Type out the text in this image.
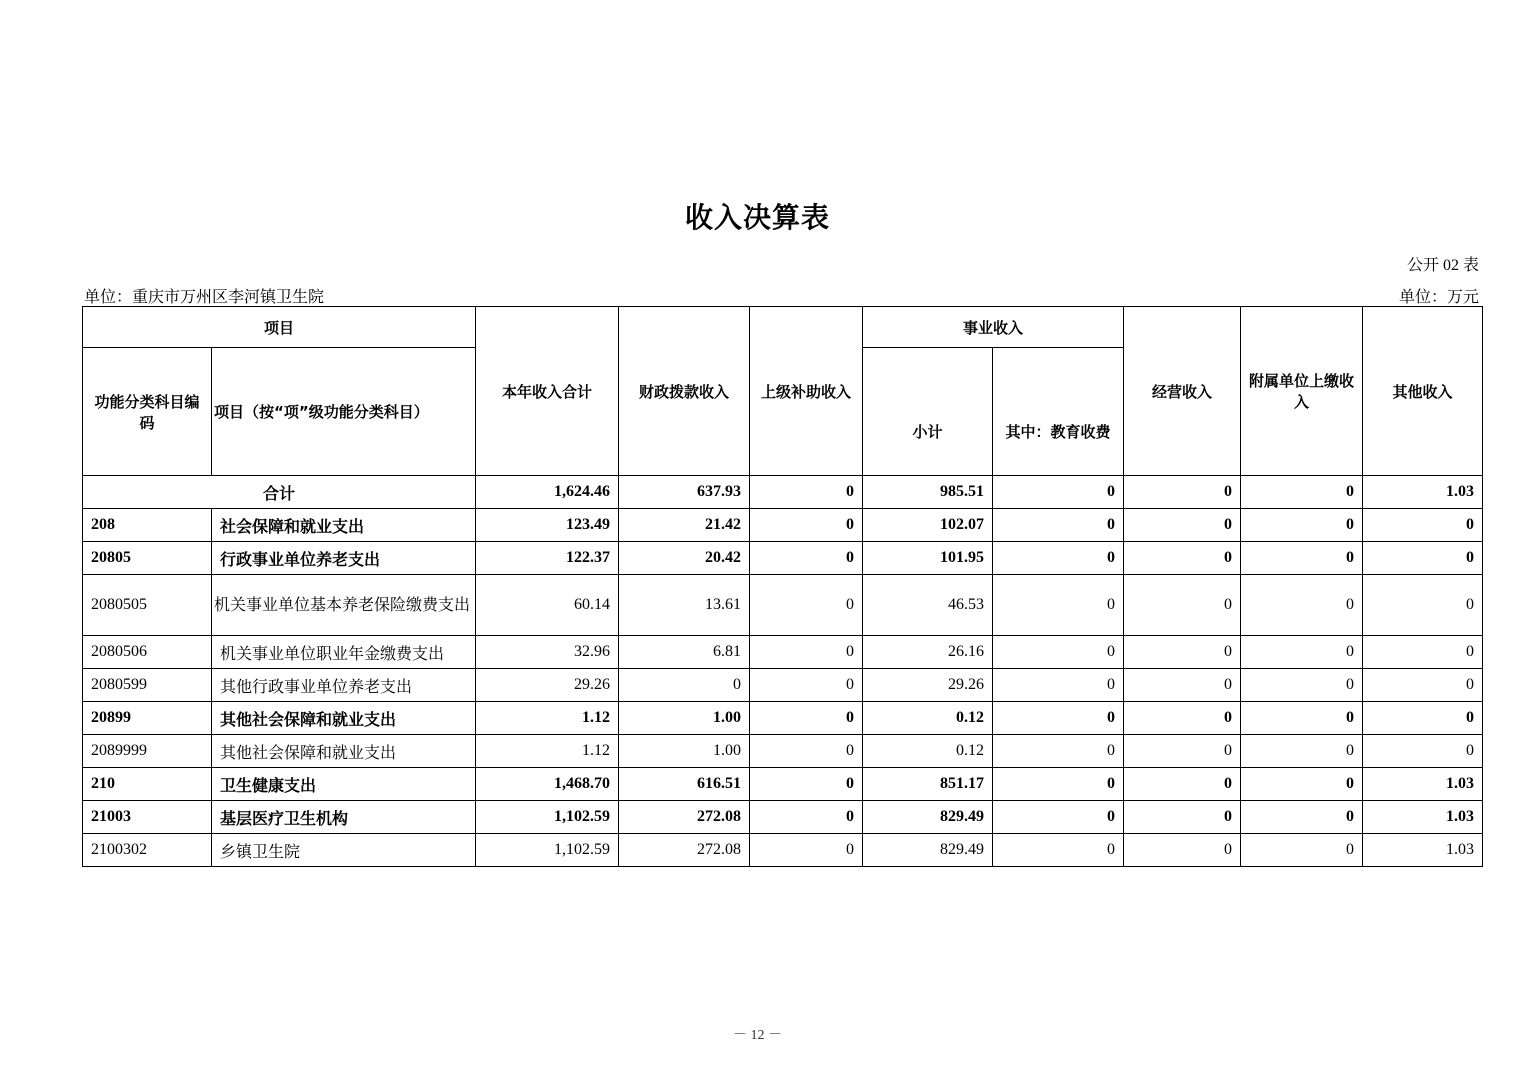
收入决算表
公开 02 表
单位：重庆市万州区李河镇卫生院	单位：万元
项目		本年收入合计	财政拨款收入	上级补助收入	事业收入		经营收入	附属单位上缴收入	其他收入
功能分类科目编码	项目（按“项”级功能分类科目）				小计	其中：教育收费			
合计		1,624.46	637.93	0	985.51	0	0	0	1.03
208	社会保障和就业支出	123.49	21.42	0	102.07	0	0	0	0
20805	行政事业单位养老支出	122.37	20.42	0	101.95	0	0	0	0
2080505	机关事业单位基本养老保险缴费支出	60.14	13.61	0	46.53	0	0	0	0
2080506	机关事业单位职业年金缴费支出	32.96	6.81	0	26.16	0	0	0	0
2080599	其他行政事业单位养老支出	29.26	0	0	29.26	0	0	0	0
20899	其他社会保障和就业支出	1.12	1.00	0	0.12	0	0	0	0
2089999	其他社会保障和就业支出	1.12	1.00	0	0.12	0	0	0	0
210	卫生健康支出	1,468.70	616.51	0	851.17	0	0	0	1.03
21003	基层医疗卫生机构	1,102.59	272.08	0	829.49	0	0	0	1.03
2100302	乡镇卫生院	1,102.59	272.08	0	829.49	0	0	0	1.03
－ 12 －
